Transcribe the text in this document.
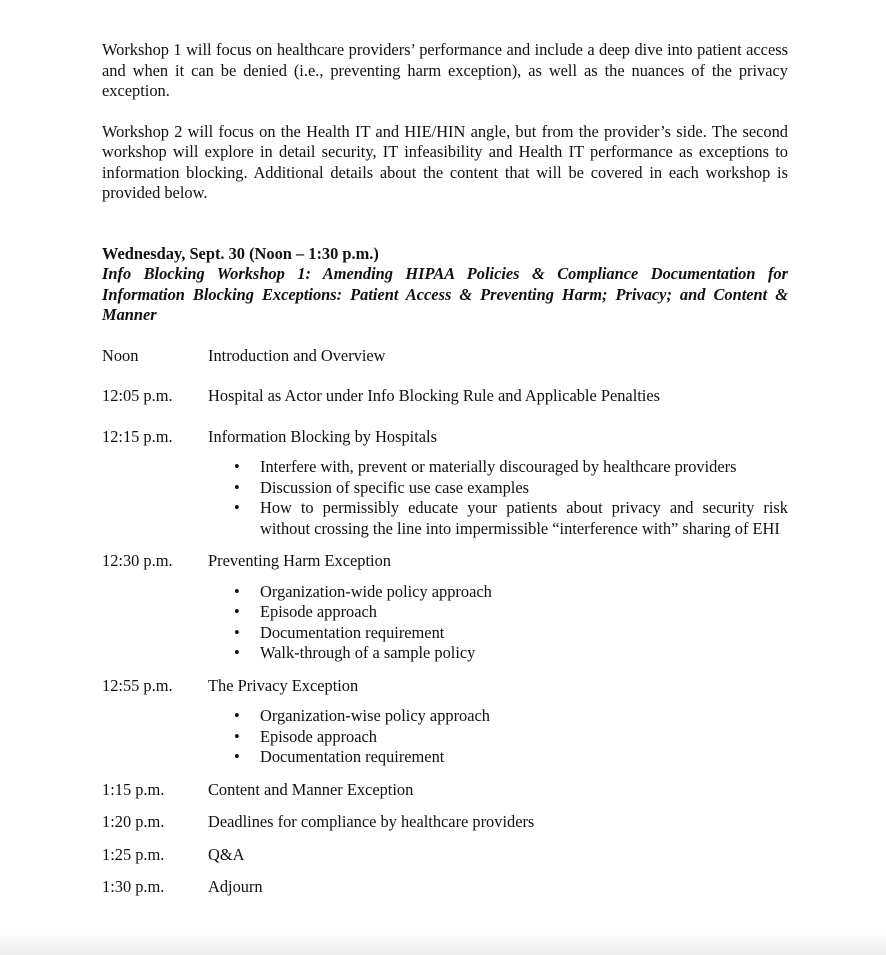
Workshop 1 will focus on healthcare providers’ performance and include a deep dive into patient access and when it can be denied (i.e., preventing harm exception), as well as the nuances of the privacy exception.

Workshop 2 will focus on the Health IT and HIE/HIN angle, but from the provider’s side. The second workshop will explore in detail security, IT infeasibility and Health IT performance as exceptions to information blocking. Additional details about the content that will be covered in each workshop is provided below.

Wednesday, Sept. 30 (Noon – 1:30 p.m.)
Info Blocking Workshop 1: Amending HIPAA Policies & Compliance Documentation for Information Blocking Exceptions: Patient Access & Preventing Harm; Privacy; and Content & Manner
Noon	Introduction and Overview
12:05 p.m.	Hospital as Actor under Info Blocking Rule and Applicable Penalties
12:15 p.m.	Information Blocking by Hospitals
• Interfere with, prevent or materially discouraged by healthcare providers
• Discussion of specific use case examples
• How to permissibly educate your patients about privacy and security risk without crossing the line into impermissible “interference with” sharing of EHI
12:30 p.m.	Preventing Harm Exception
• Organization-wide policy approach
• Episode approach
• Documentation requirement
• Walk-through of a sample policy
12:55 p.m.	The Privacy Exception
• Organization-wise policy approach
• Episode approach
• Documentation requirement
1:15 p.m.	Content and Manner Exception
1:20 p.m.	Deadlines for compliance by healthcare providers
1:25 p.m.	Q&A
1:30 p.m.	Adjourn
